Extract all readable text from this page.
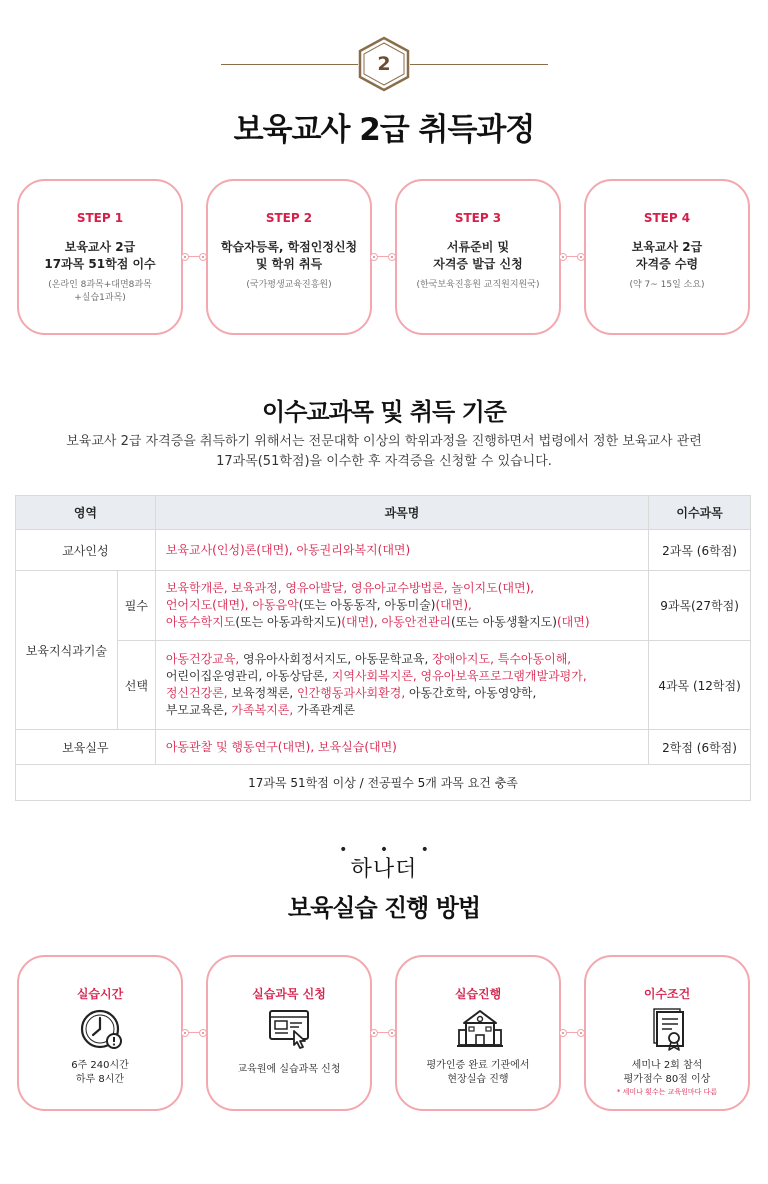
2
보육교사 2급 취득과정
STEP 1
보육교사 2급
17과목 51학점 이수
(온라인 8과목+대면8과목
+실습1과목)
STEP 2
학습자등록, 학점인정신청
및 학위 취득
(국가평생교육진흥원)
STEP 3
서류준비 및
자격증 발급 신청
(한국보육진흥원 교직원지원국)
STEP 4
보육교사 2급
자격증 수령
(약 7~ 15일 소요)
이수교과목 및 취득 기준
보육교사 2급 자격증을 취득하기 위해서는 전문대학 이상의 학위과정을 진행하면서 법령에서 정한 보육교사 관련
17과목(51학점)을 이수한 후 자격증을 신청할 수 있습니다.
영역		과목명	이수과목
교사인성		보육교사(인성)론(대면), 아동권리와복지(대면)	2과목 (6학점)
보육지식과기술	필수	보육학개론, 보육과정, 영유아발달, 영유아교수방법론, 놀이지도(대면),
언어지도(대면), 아동음악(또는 아동동작, 아동미술)(대면),
아동수학지도(또는 아동과학지도)(대면), 아동안전관리(또는 아동생활지도)(대면)	9과목(27학점)
	선택	아동건강교육, 영유아사회정서지도, 아동문학교육, 장애아지도, 특수아동이해,
어린이집운영관리, 아동상담론, 지역사회복지론, 영유아보육프로그램개발과평가,
정신건강론, 보육정책론, 인간행동과사회환경, 아동간호학, 아동영양학,
부모교육론, 가족복지론, 가족관계론	4과목 (12학점)
보육실무		아동관찰 및 행동연구(대면), 보육실습(대면)	2학점 (6학점)
17과목 51학점 이상 / 전공필수 5개 과목 요건 충족			
• • •
하나더
보육실습 진행 방법
실습시간
6주 240시간
하루 8시간
실습과목 신청
교육원에 실습과목 신청
실습진행
평가인증 완료 기관에서
현장실습 진행
이수조건
세미나 2회 참석
평가점수 80점 이상
* 세미나 횟수는 교육원마다 다름
